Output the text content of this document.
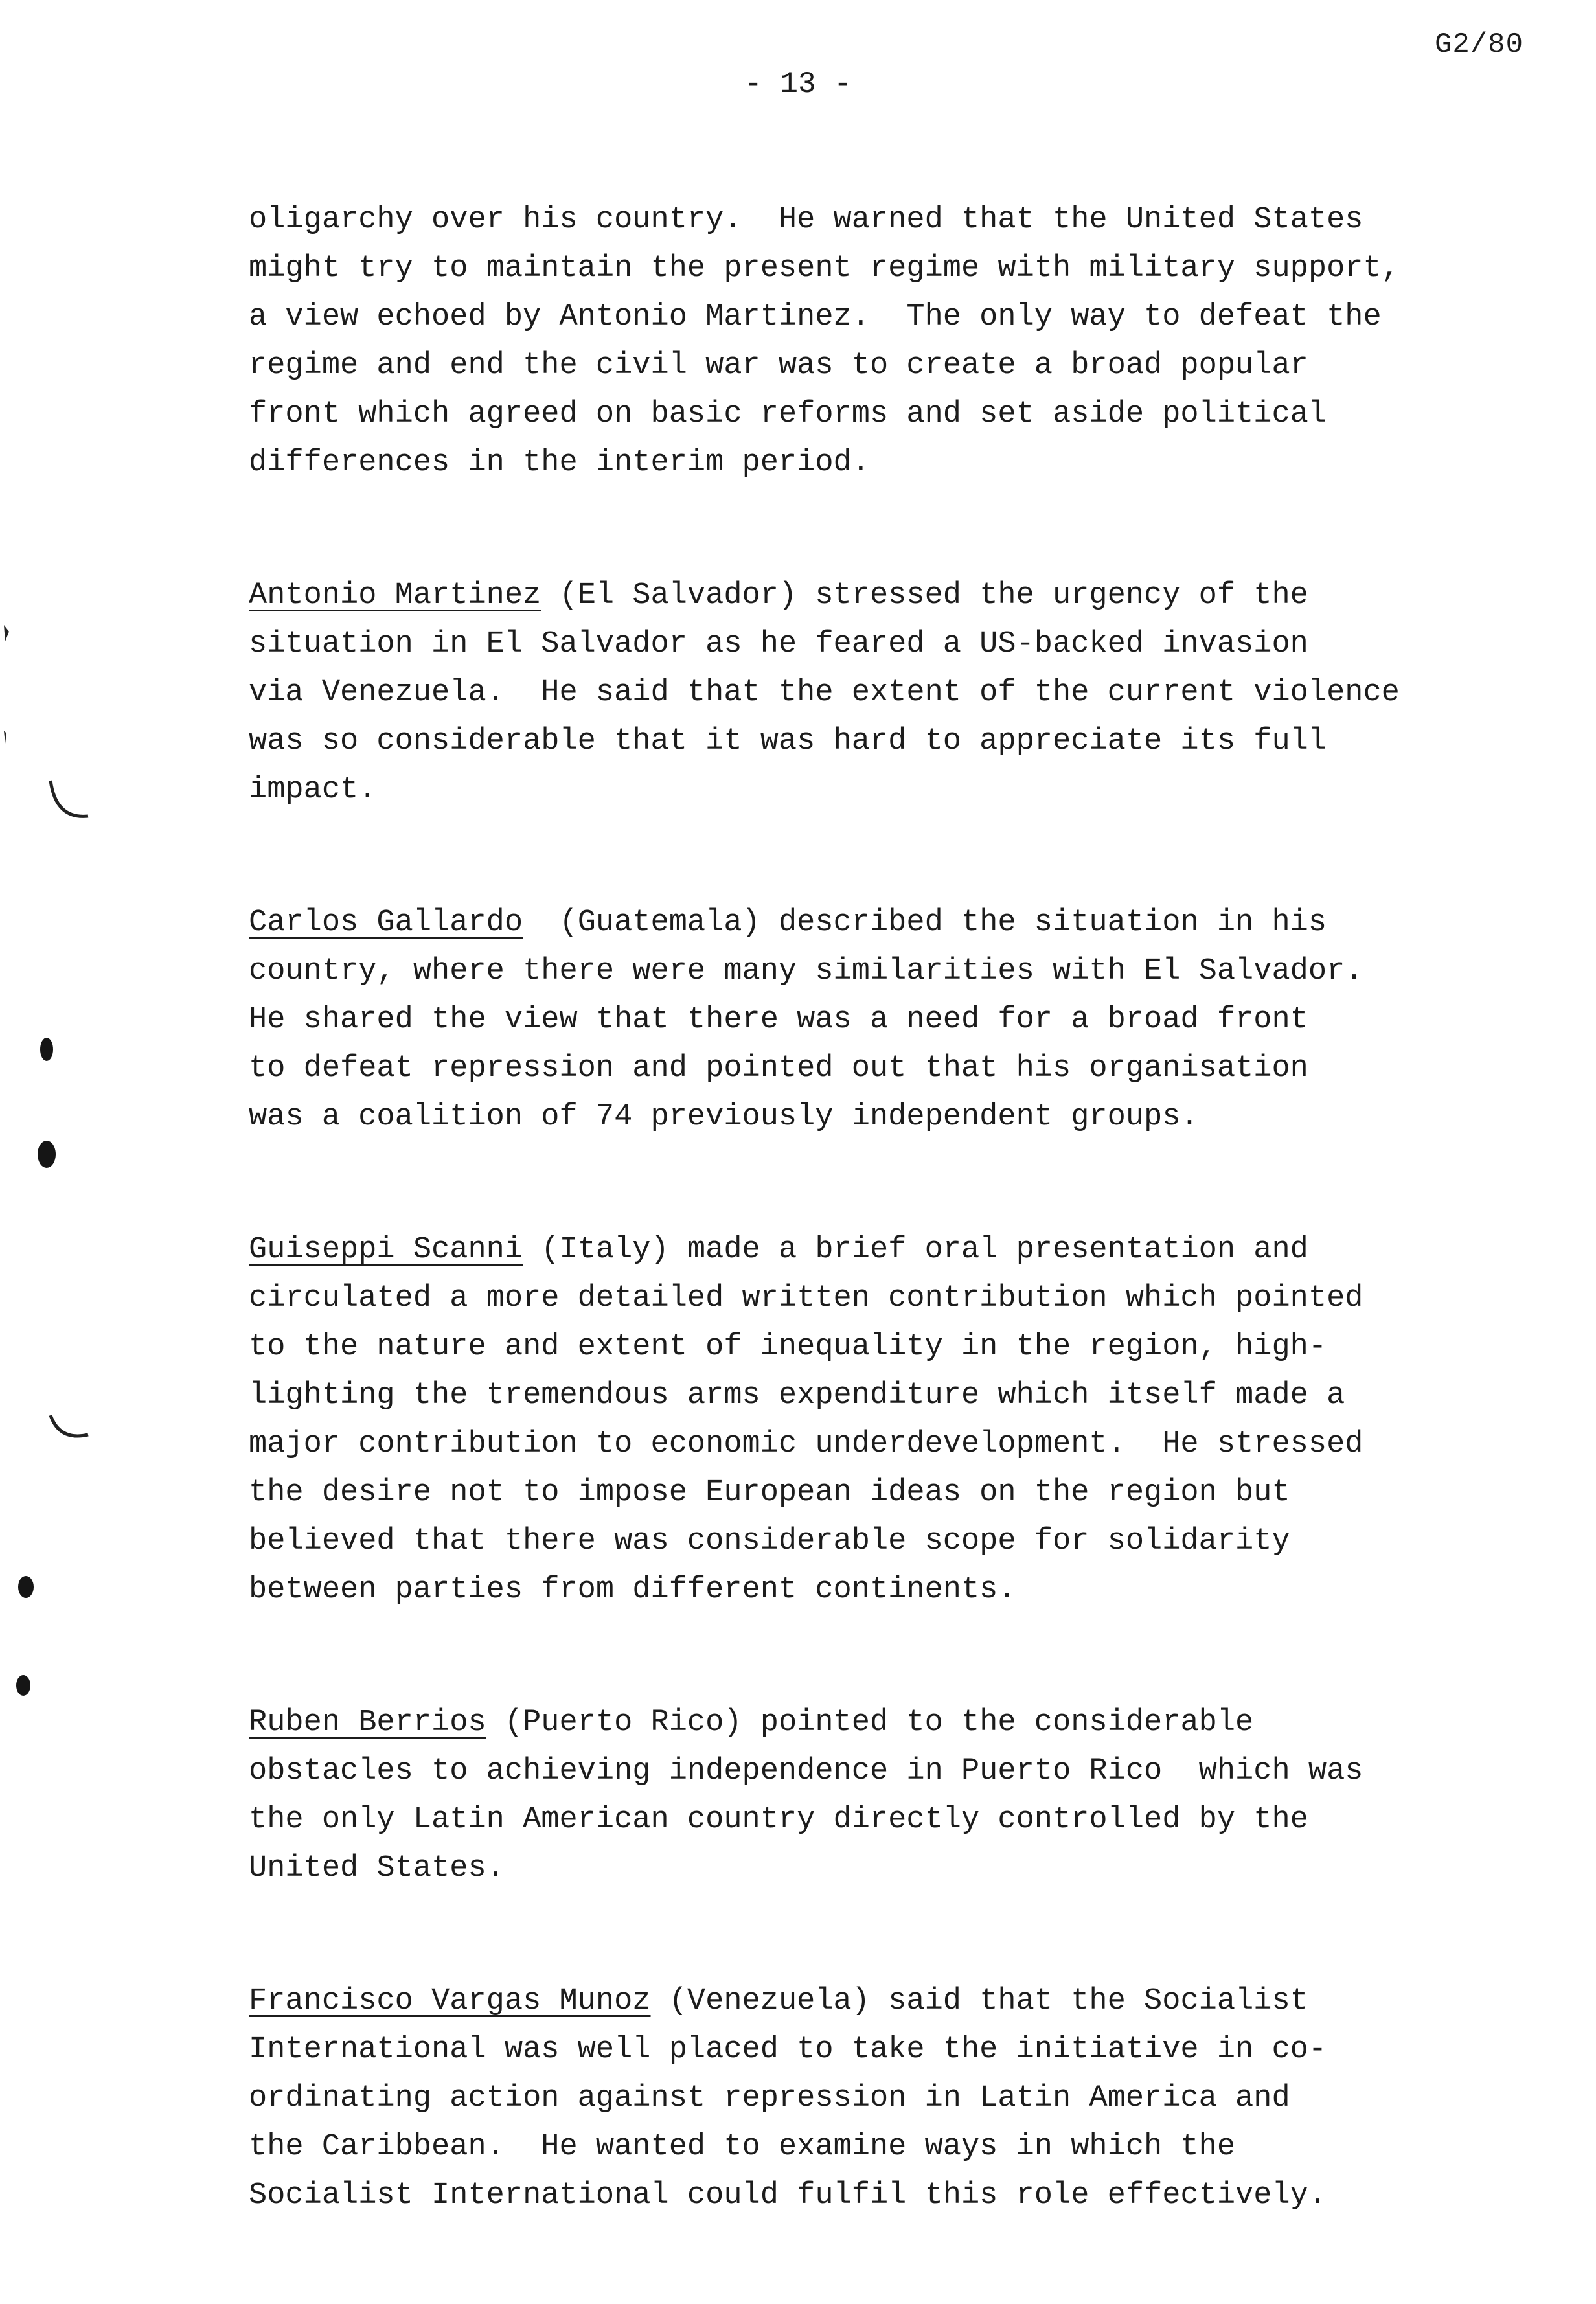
G2/80
- 13 -

oligarchy over his country.  He warned that the United States
might try to maintain the present regime with military support,
a view echoed by Antonio Martinez.  The only way to defeat the
regime and end the civil war was to create a broad popular
front which agreed on basic reforms and set aside political
differences in the interim period.

Antonio Martinez (El Salvador) stressed the urgency of the
situation in El Salvador as he feared a US-backed invasion
via Venezuela.  He said that the extent of the current violence
was so considerable that it was hard to appreciate its full
impact.

Carlos Gallardo  (Guatemala) described the situation in his
country, where there were many similarities with El Salvador.
He shared the view that there was a need for a broad front
to defeat repression and pointed out that his organisation
was a coalition of 74 previously independent groups.

Guiseppi Scanni (Italy) made a brief oral presentation and
circulated a more detailed written contribution which pointed
to the nature and extent of inequality in the region, high-
lighting the tremendous arms expenditure which itself made a
major contribution to economic underdevelopment.  He stressed
the desire not to impose European ideas on the region but
believed that there was considerable scope for solidarity
between parties from different continents.

Ruben Berrios (Puerto Rico) pointed to the considerable
obstacles to achieving independence in Puerto Rico  which was
the only Latin American country directly controlled by the
United States.

Francisco Vargas Munoz (Venezuela) said that the Socialist
International was well placed to take the initiative in co-
ordinating action against repression in Latin America and
the Caribbean.  He wanted to examine ways in which the
Socialist International could fulfil this role effectively.
